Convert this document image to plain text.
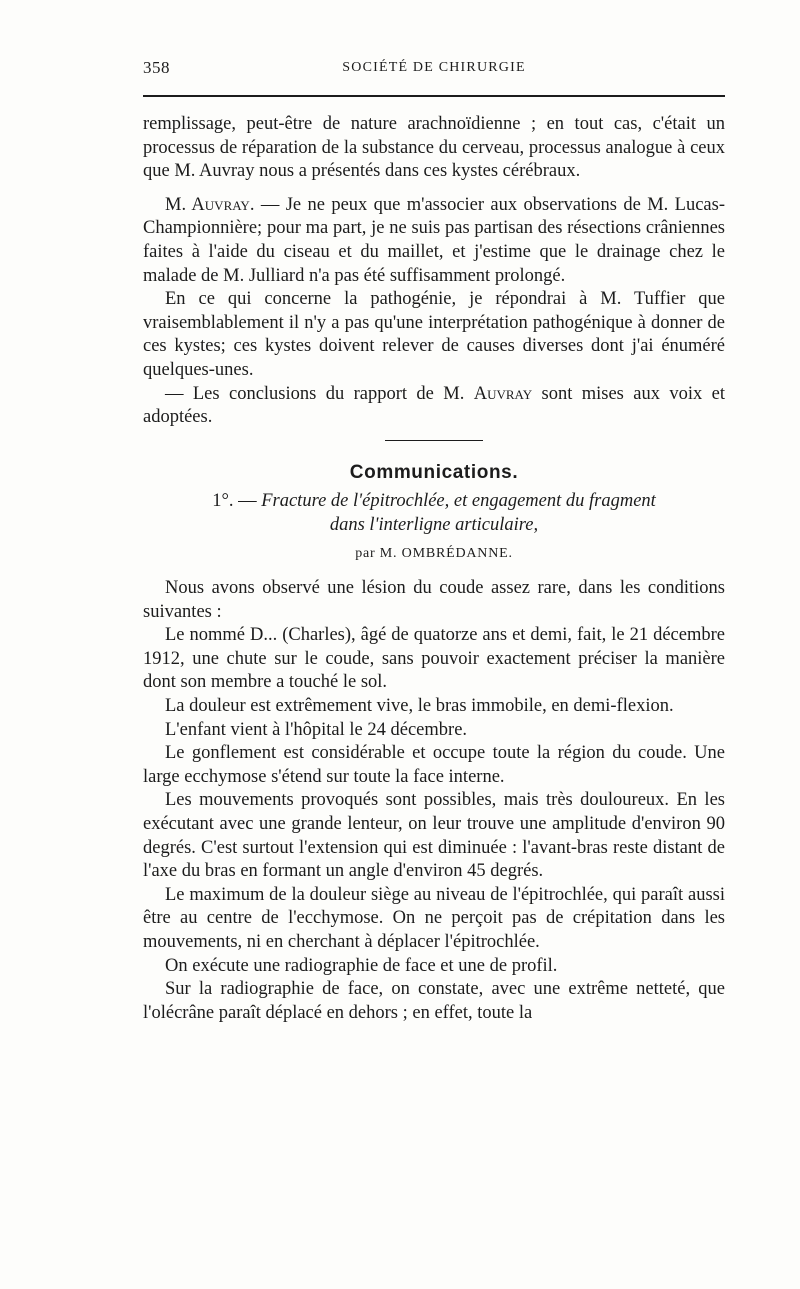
358	SOCIÉTÉ DE CHIRURGIE

remplissage, peut-être de nature arachnoïdienne ; en tout cas, c'était un processus de réparation de la substance du cerveau, processus analogue à ceux que M. Auvray nous a présentés dans ces kystes cérébraux.

M. Auvray. — Je ne peux que m'associer aux observations de M. Lucas-Championnière; pour ma part, je ne suis pas partisan des résections crâniennes faites à l'aide du ciseau et du maillet, et j'estime que le drainage chez le malade de M. Julliard n'a pas été suffisamment prolongé.

En ce qui concerne la pathogénie, je répondrai à M. Tuffier que vraisemblablement il n'y a pas qu'une interprétation pathogénique à donner de ces kystes; ces kystes doivent relever de causes diverses dont j'ai énuméré quelques-unes.

— Les conclusions du rapport de M. Auvray sont mises aux voix et adoptées.

Communications.
1°. — Fracture de l'épitrochlée, et engagement du fragment
dans l'interligne articulaire,
par M. OMBRÉDANNE.

Nous avons observé une lésion du coude assez rare, dans les conditions suivantes :

Le nommé D... (Charles), âgé de quatorze ans et demi, fait, le 21 décembre 1912, une chute sur le coude, sans pouvoir exactement préciser la manière dont son membre a touché le sol.

La douleur est extrêmement vive, le bras immobile, en demi-flexion.

L'enfant vient à l'hôpital le 24 décembre.

Le gonflement est considérable et occupe toute la région du coude. Une large ecchymose s'étend sur toute la face interne.

Les mouvements provoqués sont possibles, mais très douloureux. En les exécutant avec une grande lenteur, on leur trouve une amplitude d'environ 90 degrés. C'est surtout l'extension qui est diminuée : l'avant-bras reste distant de l'axe du bras en formant un angle d'environ 45 degrés.

Le maximum de la douleur siège au niveau de l'épitrochlée, qui paraît aussi être au centre de l'ecchymose. On ne perçoit pas de crépitation dans les mouvements, ni en cherchant à déplacer l'épitrochlée.

On exécute une radiographie de face et une de profil.

Sur la radiographie de face, on constate, avec une extrême netteté, que l'olécrâne paraît déplacé en dehors ; en effet, toute la
